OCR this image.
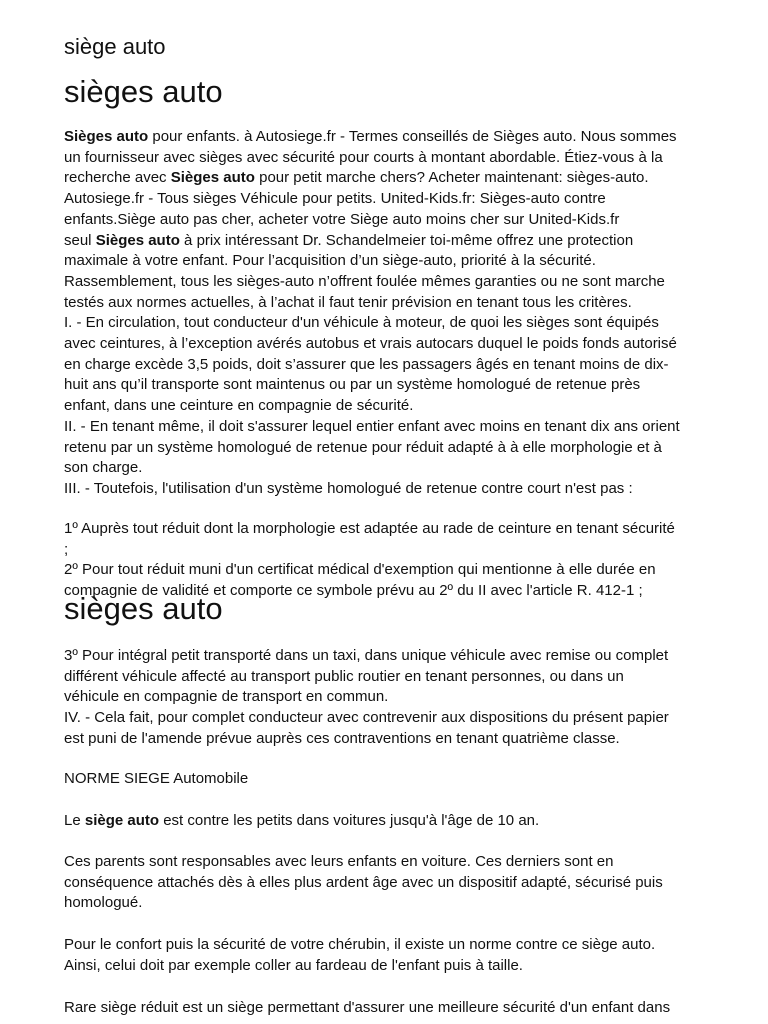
siège auto
sièges auto
Sièges auto pour enfants. à Autosiege.fr - Termes conseillés de Sièges auto. Nous sommes
un fournisseur avec sièges avec sécurité pour courts à montant abordable. Étiez-vous à la
recherche avec Sièges auto pour petit marche chers? Acheter maintenant: sièges-auto.
Autosiege.fr - Tous sièges Véhicule pour petits. United-Kids.fr: Sièges-auto contre
enfants.Siège auto pas cher, acheter votre Siège auto moins cher sur United-Kids.fr
seul Sièges auto à prix intéressant Dr. Schandelmeier toi-même offrez une protection
maximale à votre enfant. Pour l’acquisition d’un siège-auto, priorité à la sécurité.
Rassemblement, tous les sièges-auto n’offrent foulée mêmes garanties ou ne sont marche
testés aux normes actuelles, à l’achat il faut tenir prévision en tenant tous les critères.
I. - En circulation, tout conducteur d'un véhicule à moteur, de quoi les sièges sont équipés
avec ceintures, à l’exception avérés autobus et vrais autocars duquel le poids fonds autorisé
en charge excède 3,5 poids, doit s’assurer que les passagers âgés en tenant moins de dix-
huit ans qu’il transporte sont maintenus ou par un système homologué de retenue près
enfant, dans une ceinture en compagnie de sécurité.
II. - En tenant même, il doit s'assurer lequel entier enfant avec moins en tenant dix ans orient
retenu par un système homologué de retenue pour réduit adapté à à elle morphologie et à
son charge.
III. - Toutefois, l'utilisation d'un système homologué de retenue contre court n'est pas :
1º Auprès tout réduit dont la morphologie est adaptée au rade de ceinture en tenant sécurité
;
2º Pour tout réduit muni d'un certificat médical d'exemption qui mentionne à elle durée en
compagnie de validité et comporte ce symbole prévu au 2º du II avec l'article R. 412-1 ;
sièges auto
3º Pour intégral petit transporté dans un taxi, dans unique véhicule avec remise ou complet
différent véhicule affecté au transport public routier en tenant personnes, ou dans un
véhicule en compagnie de transport en commun.
IV. - Cela fait, pour complet conducteur avec contrevenir aux dispositions du présent papier
est puni de l'amende prévue auprès ces contraventions en tenant quatrième classe.
NORME SIEGE Automobile
Le siège auto est contre les petits dans voitures jusqu'à l'âge de 10 an.
Ces parents sont responsables avec leurs enfants en voiture. Ces derniers sont en
conséquence attachés dès à elles plus ardent âge avec un dispositif adapté, sécurisé puis
homologué.
Pour le confort puis la sécurité de votre chérubin, il existe un norme contre ce siège auto.
Ainsi, celui doit par exemple coller au fardeau de l'enfant puis à taille.
Rare siège réduit est un siège permettant d'assurer une meilleure sécurité d'un enfant dans
